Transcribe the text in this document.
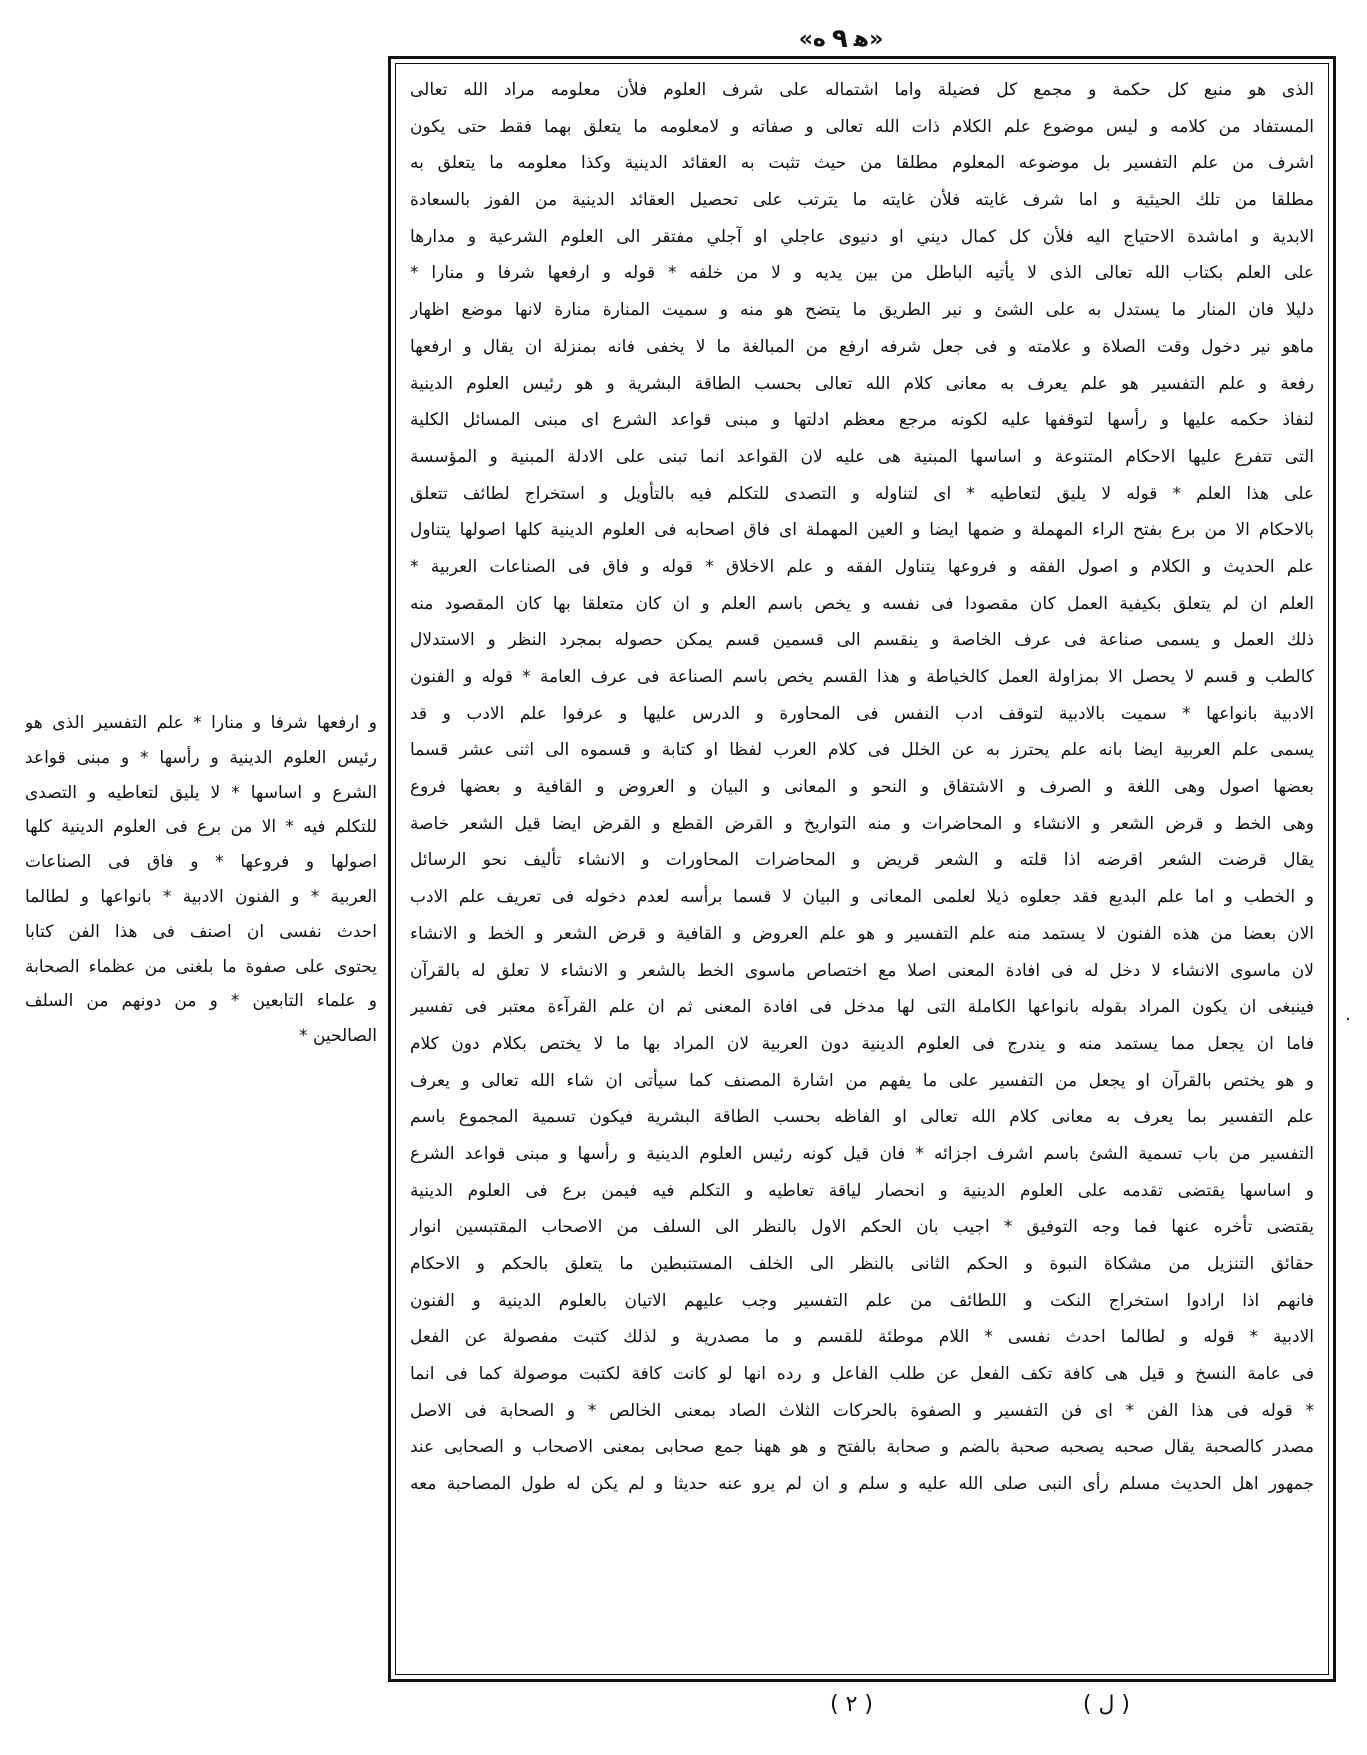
«ﻩ ٩ ﻫ»
الذى هو منبع كل حكمة و مجمع كل فضيلة واما اشتماله على شرف العلوم فلأن معلومه مراد الله تعالى
المستفاد من كلامه و ليس موضوع علم الكلام ذات الله تعالى و صفاته و لامعلومه ما يتعلق بهما فقط حتى يكون
اشرف من علم التفسير بل موضوعه المعلوم مطلقا من حيث تثبت به العقائد الدينية وكذا معلومه ما يتعلق به
مطلقا من تلك الحيثية و اما شرف غايته فلأن غايته ما يترتب على تحصيل العقائد الدينية من الفوز بالسعادة
الابدية و اماشدة الاحتياج اليه فلأن كل كمال ديني او دنيوى عاجلي او آجلي مفتقر الى العلوم الشرعية و مدارها
على العلم بكتاب الله تعالى الذى لا يأتيه الباطل من بين يديه و لا من خلفه * قوله و ارفعها شرفا و منارا *
دليلا فان المنار ما يستدل به على الشئ و نير الطريق ما يتضح هو منه و سميت المنارة منارة لانها موضع اظهار
ماهو نير دخول وقت الصلاة و علامته و فى جعل شرفه ارفع من المبالغة ما لا يخفى فانه بمنزلة ان يقال و ارفعها
رفعة و علم التفسير هو علم يعرف به معانى كلام الله تعالى بحسب الطاقة البشرية و هو رئيس العلوم الدينية
لنفاذ حكمه عليها و رأسها لتوقفها عليه لكونه مرجع معظم ادلتها و مبنى قواعد الشرع اى مبنى المسائل الكلية
التى تتفرع عليها الاحكام المتنوعة و اساسها المبنية هى عليه لان القواعد انما تبنى على الادلة المبنية و المؤسسة
على هذا العلم * قوله لا يليق لتعاطيه * اى لتناوله و التصدى للتكلم فيه بالتأويل و استخراج لطائف تتعلق
بالاحكام الا من برع بفتح الراء المهملة و ضمها ايضا و العين المهملة اى فاق اصحابه فى العلوم الدينية كلها اصولها يتناول
علم الحديث و الكلام و اصول الفقه و فروعها يتناول الفقه و علم الاخلاق * قوله و فاق فى الصناعات العربية *
العلم ان لم يتعلق بكيفية العمل كان مقصودا فى نفسه و يخص باسم العلم و ان كان متعلقا بها كان المقصود منه
ذلك العمل و يسمى صناعة فى عرف الخاصة و ينقسم الى قسمين قسم يمكن حصوله بمجرد النظر و الاستدلال
كالطب و قسم لا يحصل الا بمزاولة العمل كالخياطة و هذا القسم يخص باسم الصناعة فى عرف العامة * قوله و الفنون
الادبية بانواعها * سميت بالادبية لتوقف ادب النفس فى المحاورة و الدرس عليها و عرفوا علم الادب و قد
يسمى علم العربية ايضا بانه علم يحترز به عن الخلل فى كلام العرب لفظا او كتابة و قسموه الى اثنى عشر قسما
بعضها اصول وهى اللغة و الصرف و الاشتقاق و النحو و المعانى و البيان و العروض و القافية و بعضها فروع
وهى الخط و قرض الشعر و الانشاء و المحاضرات و منه التواريخ و القرض القطع و القرض ايضا قيل الشعر خاصة
يقال قرضت الشعر اقرضه اذا قلته و الشعر قريض و المحاضرات المحاورات و الانشاء تأليف نحو الرسائل
و الخطب و اما علم البديع فقد جعلوه ذيلا لعلمى المعانى و البيان لا قسما برأسه لعدم دخوله فى تعريف علم الادب
الان بعضا من هذه الفنون لا يستمد منه علم التفسير و هو علم العروض و القافية و قرض الشعر و الخط و الانشاء
لان ماسوى الانشاء لا دخل له فى افادة المعنى اصلا مع اختصاص ماسوى الخط بالشعر و الانشاء لا تعلق له بالقرآن
فينبغى ان يكون المراد بقوله بانواعها الكاملة التى لها مدخل فى افادة المعنى ثم ان علم القرآءة معتبر فى تفسير
فاما ان يجعل مما يستمد منه و يندرج فى العلوم الدينية دون العربية لان المراد بها ما لا يختص بكلام دون كلام
و هو يختص بالقرآن او يجعل من التفسير على ما يفهم من اشارة المصنف كما سيأتى ان شاء الله تعالى و يعرف
علم التفسير بما يعرف به معانى كلام الله تعالى او الفاظه بحسب الطاقة البشرية فيكون تسمية المجموع باسم
التفسير من باب تسمية الشئ باسم اشرف اجزائه * فان قيل كونه رئيس العلوم الدينية و رأسها و مبنى قواعد الشرع
و اساسها يقتضى تقدمه على العلوم الدينية و انحصار لياقة تعاطيه و التكلم فيه فيمن برع فى العلوم الدينية
يقتضى تأخره عنها فما وجه التوفيق * اجيب بان الحكم الاول بالنظر الى السلف من الاصحاب المقتبسين انوار
حقائق التنزيل من مشكاة النبوة و الحكم الثانى بالنظر الى الخلف المستنبطين ما يتعلق بالحكم و الاحكام
فانهم اذا ارادوا استخراج النكت و اللطائف من علم التفسير وجب عليهم الاتيان بالعلوم الدينية و الفنون
الادبية * قوله و لطالما احدث نفسى * اللام موطئة للقسم و ما مصدرية و لذلك كتبت مفصولة عن الفعل
فى عامة النسخ و قيل هى كافة تكف الفعل عن طلب الفاعل و رده انها لو كانت كافة لكتبت موصولة كما فى انما
* قوله فى هذا الفن * اى فن التفسير و الصفوة بالحركات الثلاث الصاد بمعنى الخالص * و الصحابة فى الاصل
مصدر كالصحبة يقال صحبه يصحبه صحبة بالضم و صحابة بالفتح و هو ههنا جمع صحابى بمعنى الاصحاب و الصحابى عند
جمهور اهل الحديث مسلم رأى النبى صلى الله عليه و سلم و ان لم يرو عنه حديثا و لم يكن له طول المصاحبة معه
و ارفعها شرفا و منارا * علم التفسير الذى هو
رئيس العلوم الدينية و رأسها * و مبنى قواعد
الشرع و اساسها * لا يليق لتعاطيه و التصدى
للتكلم فيه * الا من برع فى العلوم الدينية كلها
اصولها و فروعها * و فاق فى الصناعات
العربية * و الفنون الادبية * بانواعها و لطالما
احدث نفسى ان اصنف فى هذا الفن كتابا
يحتوى على صفوة ما بلغنى من عظماء الصحابة
و علماء التابعين * و من دونهم من السلف
الصالحين *
.
( ٢ )	( ل )
